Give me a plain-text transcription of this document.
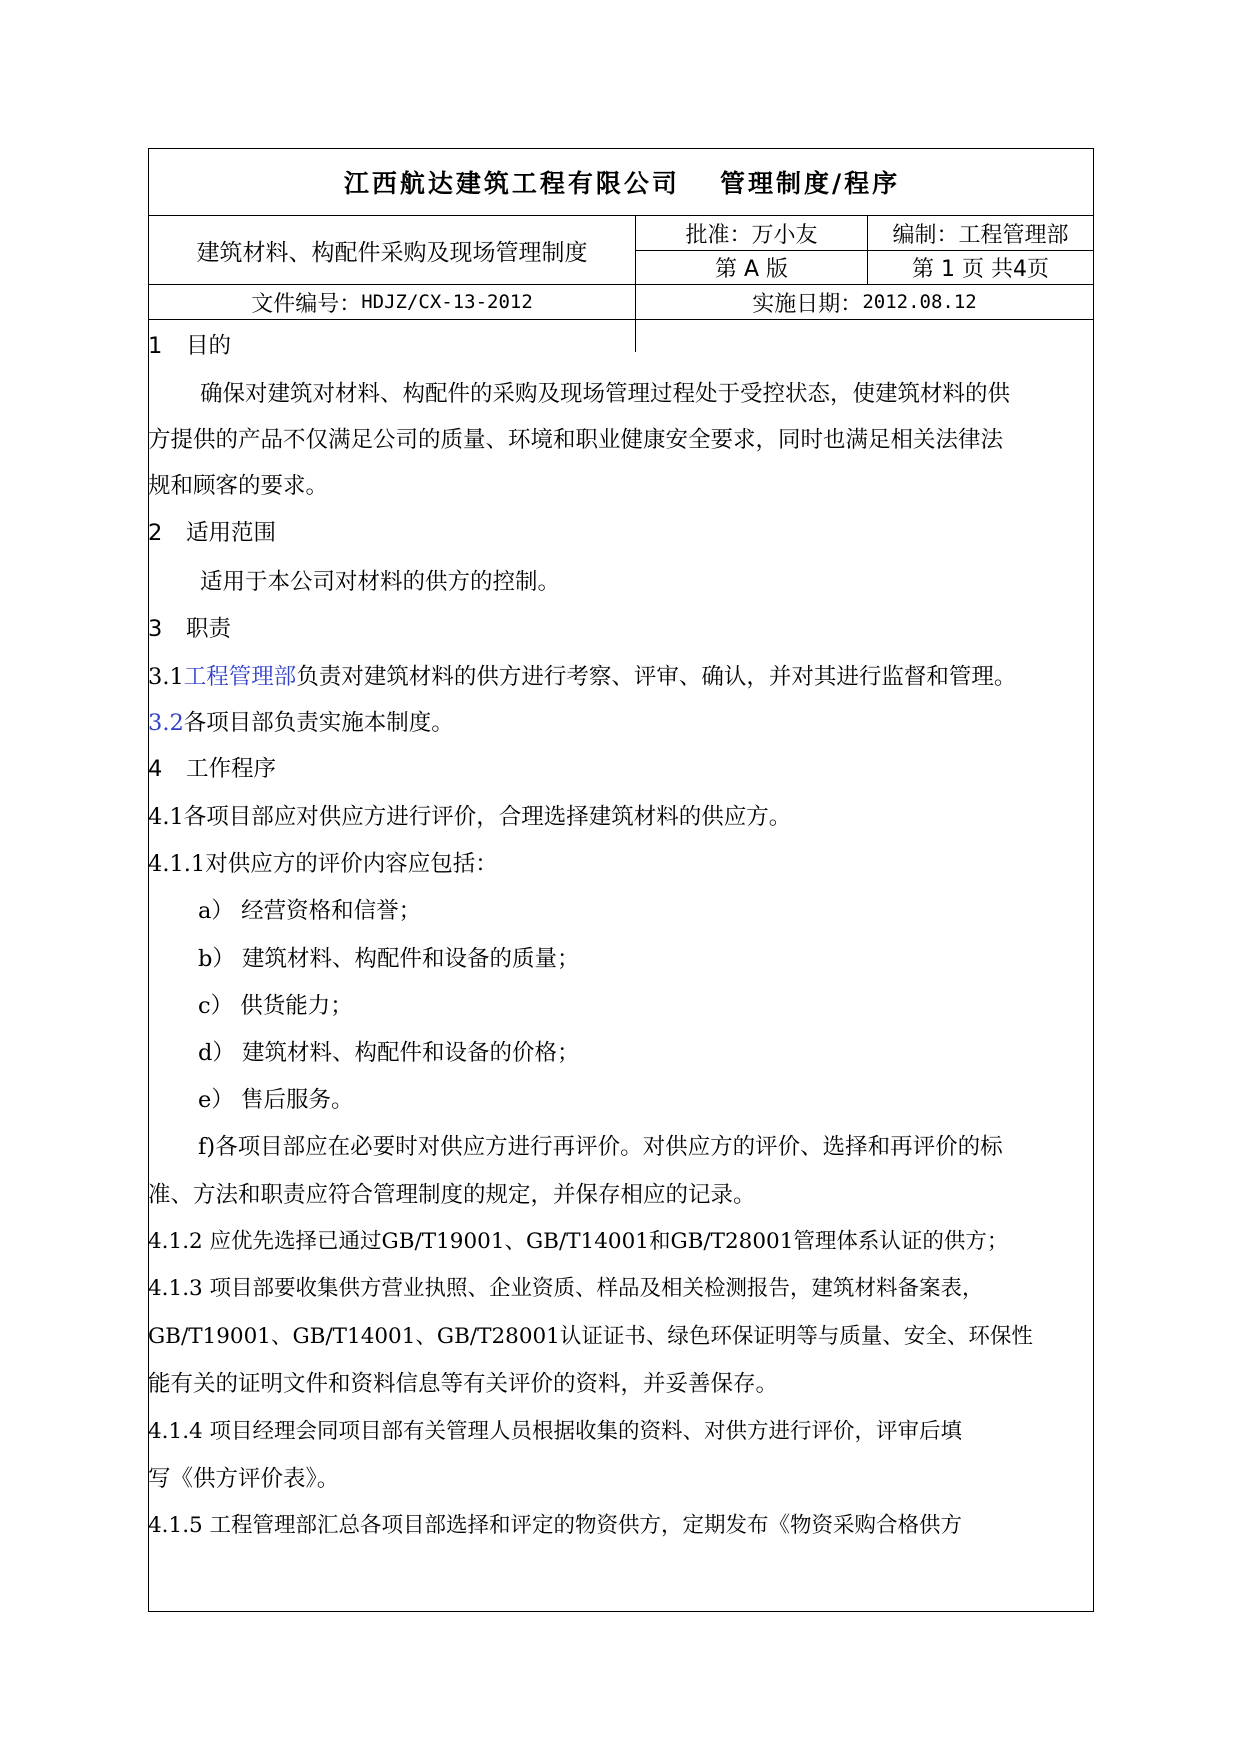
江西航达建筑工程有限公司 管理制度/程序
建筑材料、构配件采购及现场管理制度
批准：万小友	编制：工程管理部
第 A 版	第 1 页 共4页
文件编号： HDJZ/CX-13-2012	实施日期： 2012.08.12
1 目的
确保对建筑对材料、构配件的采购及现场管理过程处于受控状态，使建筑材料的供
方提供的产品不仅满足公司的质量、环境和职业健康安全要求，同时也满足相关法律法
规和顾客的要求。
2 适用范围
适用于本公司对材料的供方的控制。
3 职责
3.1工程管理部负责对建筑材料的供方进行考察、评审、确认，并对其进行监督和管理。
3.2各项目部负责实施本制度。
4 工作程序
4.1各项目部应对供应方进行评价，合理选择建筑材料的供应方。
4.1.1对供应方的评价内容应包括：
a） 经营资格和信誉；
b） 建筑材料、构配件和设备的质量；
c） 供货能力；
d） 建筑材料、构配件和设备的价格；
e） 售后服务。
f)各项目部应在必要时对供应方进行再评价。对供应方的评价、选择和再评价的标
准、方法和职责应符合管理制度的规定，并保存相应的记录。
4.1.2 应优先选择已通过GB/T19001、GB/T14001和GB/T28001管理体系认证的供方；
4.1.3 项目部要收集供方营业执照、企业资质、样品及相关检测报告，建筑材料备案表，
GB/T19001、GB/T14001、GB/T28001认证证书、绿色环保证明等与质量、安全、环保性
能有关的证明文件和资料信息等有关评价的资料，并妥善保存。
4.1.4 项目经理会同项目部有关管理人员根据收集的资料、对供方进行评价，评审后填
写《供方评价表》。
4.1.5 工程管理部汇总各项目部选择和评定的物资供方，定期发布《物资采购合格供方
